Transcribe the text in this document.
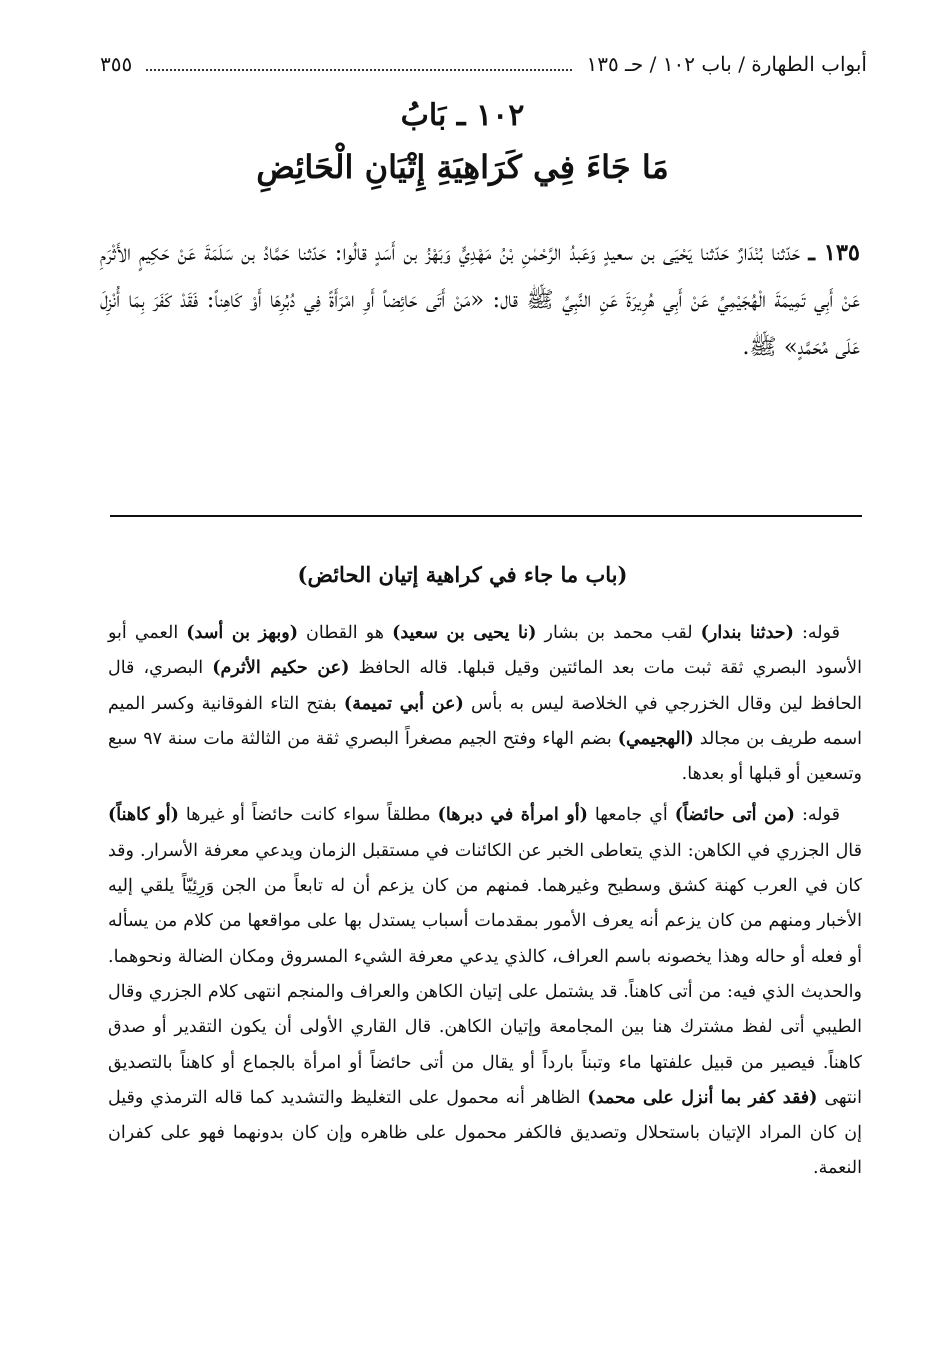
أبواب الطهارة / باب ١٠٢ / حـ ١٣٥
٣٥٥
١٠٢ ـ بَابُ
مَا جَاءَ فِي كَرَاهِيَةِ إِتْيَانِ الْحَائِضِ
١٣٥ ـ حَدّثنا بُنْدَارٌ حَدّثنا يَحْيَى بن سعيدٍ وَعَبدُ الرَّحْمٰنِ بْنُ مَهْدِيٍّ وَبَهْزُ بن أَسَدٍ قالُوا: حَدّثنا حَمَّادُ بن سَلَمَةَ عَنْ حَكِيمٍ الأَثْرَمِ عَنْ أَبِي تَمِيمَةَ الْهُجَيْمِيِّ عَنْ أَبِي هُرِيرَةَ عَنِ النَّبِيِّ ﷺ قال: «مَنْ أَتَى حَائِضاً أَوِ امْرَأَةً فِي دُبُرِهَا أَوْ كَاهِناً: فَقَدْ كَفَرَ بِمَا أُنْزِلَ عَلَى مُحَمَّدٍ» ﷺ.
(باب ما جاء في كراهية إتيان الحائض)

قوله: (حدثنا بندار) لقب محمد بن بشار (نا يحيى بن سعيد) هو القطان (وبهز بن أسد) العمي أبو الأسود البصري ثقة ثبت مات بعد المائتين وقيل قبلها. قاله الحافظ (عن حكيم الأثرم) البصري، قال الحافظ لين وقال الخزرجي في الخلاصة ليس به بأس (عن أبي تميمة) بفتح التاء الفوقانية وكسر الميم اسمه طريف بن مجالد (الهجيمي) بضم الهاء وفتح الجيم مصغراً البصري ثقة من الثالثة مات سنة ٩٧ سبع وتسعين أو قبلها أو بعدها.

قوله: (من أتى حائضاً) أي جامعها (أو امرأة في دبرها) مطلقاً سواء كانت حائضاً أو غيرها (أو كاهناً) قال الجزري في الكاهن: الذي يتعاطى الخبر عن الكائنات في مستقبل الزمان ويدعي معرفة الأسرار. وقد كان في العرب كهنة كشق وسطيح وغيرهما. فمنهم من كان يزعم أن له تابعاً من الجن وَرِئِيّاً يلقي إليه الأخبار ومنهم من كان يزعم أنه يعرف الأمور بمقدمات أسباب يستدل بها على مواقعها من كلام من يسأله أو فعله أو حاله وهذا يخصونه باسم العراف، كالذي يدعي معرفة الشيء المسروق ومكان الضالة ونحوهما. والحديث الذي فيه: من أتى كاهناً. قد يشتمل على إتيان الكاهن والعراف والمنجم انتهى كلام الجزري وقال الطيبي أتى لفظ مشترك هنا بين المجامعة وإتيان الكاهن. قال القاري الأولى أن يكون التقدير أو صدق كاهناً. فيصير من قبيل علفتها ماء وتبناً بارداً أو يقال من أتى حائضاً أو امرأة بالجماع أو كاهناً بالتصديق انتهى (فقد كفر بما أنزل على محمد) الظاهر أنه محمول على التغليظ والتشديد كما قاله الترمذي وقيل إن كان المراد الإتيان باستحلال وتصديق فالكفر محمول على ظاهره وإن كان بدونهما فهو على كفران النعمة.
